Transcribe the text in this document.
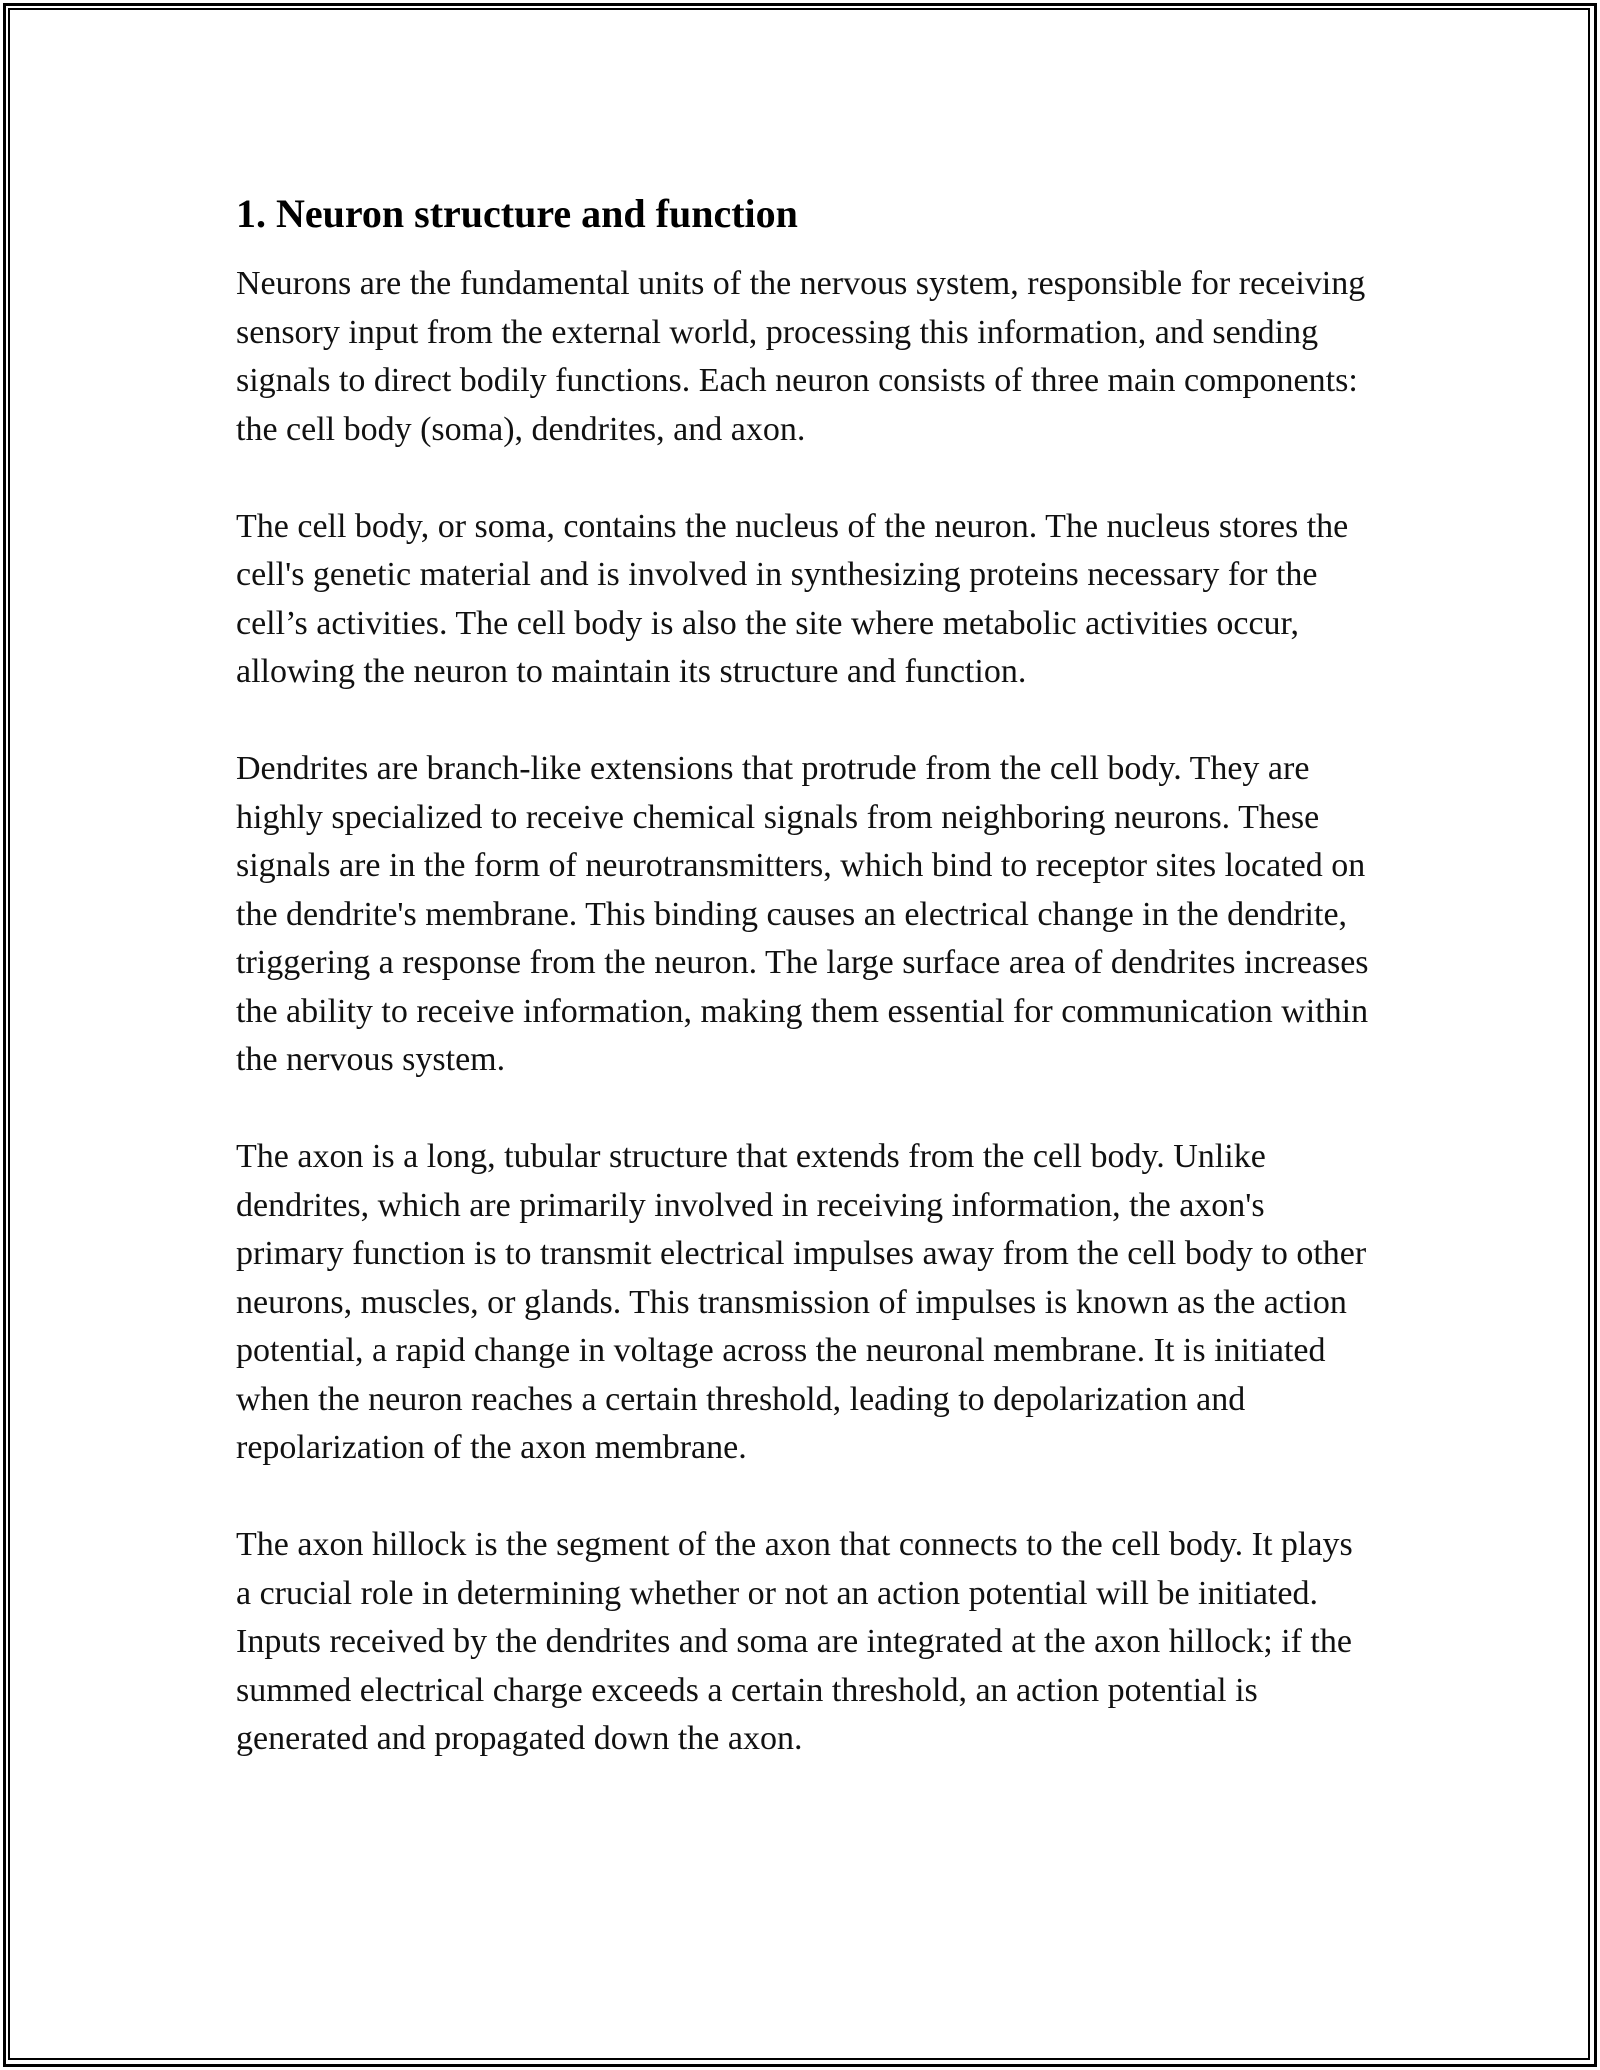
1. Neuron structure and function

Neurons are the fundamental units of the nervous system, responsible for receiving sensory input from the external world, processing this information, and sending signals to direct bodily functions. Each neuron consists of three main components: the cell body (soma), dendrites, and axon.

The cell body, or soma, contains the nucleus of the neuron. The nucleus stores the cell's genetic material and is involved in synthesizing proteins necessary for the cell’s activities. The cell body is also the site where metabolic activities occur, allowing the neuron to maintain its structure and function.

Dendrites are branch-like extensions that protrude from the cell body. They are highly specialized to receive chemical signals from neighboring neurons. These signals are in the form of neurotransmitters, which bind to receptor sites located on the dendrite's membrane. This binding causes an electrical change in the dendrite, triggering a response from the neuron. The large surface area of dendrites increases the ability to receive information, making them essential for communication within the nervous system.

The axon is a long, tubular structure that extends from the cell body. Unlike dendrites, which are primarily involved in receiving information, the axon's primary function is to transmit electrical impulses away from the cell body to other neurons, muscles, or glands. This transmission of impulses is known as the action potential, a rapid change in voltage across the neuronal membrane. It is initiated when the neuron reaches a certain threshold, leading to depolarization and repolarization of the axon membrane.

The axon hillock is the segment of the axon that connects to the cell body. It plays a crucial role in determining whether or not an action potential will be initiated. Inputs received by the dendrites and soma are integrated at the axon hillock; if the summed electrical charge exceeds a certain threshold, an action potential is generated and propagated down the axon.
